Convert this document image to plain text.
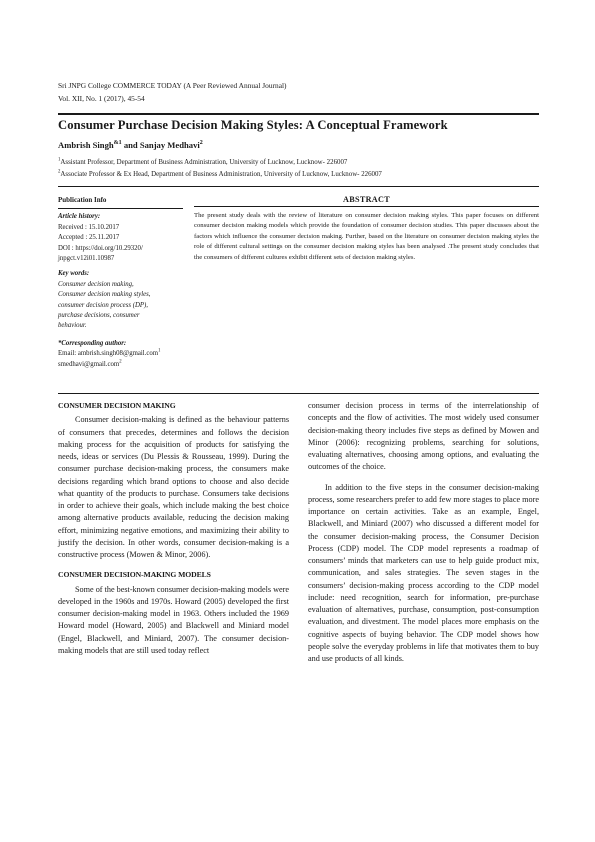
Sri JNPG College COMMERCE TODAY (A Peer Reviewed Annual Journal)
Vol. XII, No. 1 (2017), 45-54
Consumer Purchase Decision Making Styles: A Conceptual Framework
Ambrish Singh$^{\&1}$ and Sanjay Medhavi$^2$
$^1$Assistant Professor, Department of Business Administration, University of Lucknow, Lucknow- 226007
$^2$Associate Professor & Ex Head, Department of Business Administration, University of Lucknow, Lucknow- 226007
Publication Info
Article history:
Received : 15.10.2017
Accepted : 25.11.2017
DOI : https://doi.org/10.29320/
jnpgct.v12i01.10987
Key words:
Consumer decision making,
Consumer decision making styles,
consumer decision process (DP),
purchase decisions, consumer
behaviour.
*Corresponding author:
Email: ambrish.singh08@gmail.com$^1$
smedhavi@gmail.com$^2$
ABSTRACT
The present study deals with the review of literature on consumer decision making styles. This paper focuses on different consumer decision making models which provide the foundation of consumer decision studies. This paper discusses about the factors which influence the consumer decision making. Further, based on the literature on consumer decision making styles the role of different cultural settings on the consumer decision making styles has been analysed .The present study concludes that the consumers of different cultures exhibit different sets of decision making styles.
CONSUMER DECISION MAKING

Consumer decision-making is defined as the behaviour patterns of consumers that precedes, determines and follows the decision making process for the acquisition of products for satisfying the needs, ideas or services (Du Plessis & Rousseau, 1999). During the consumer purchase decision-making process, the consumers make decisions regarding which brand options to choose and also decide what quantity of the products to purchase. Consumers take decisions in order to achieve their goals, which include making the best choice among alternative products available, reducing the decision making effort, minimizing negative emotions, and maximizing their ability to justify the decision. In other words, consumer decision-making is a constructive process (Mowen & Minor, 2006).

CONSUMER DECISION-MAKING MODELS

Some of the best-known consumer decision-making models were developed in the 1960s and 1970s. Howard (2005) developed the first consumer decision-making model in 1963. Others included the 1969 Howard model (Howard, 2005) and Blackwell and Miniard model (Engel, Blackwell, and Miniard, 2007). The consumer decision-making models that are still used today reflect

consumer decision process in terms of the interrelationship of concepts and the flow of activities. The most widely used consumer decision-making theory includes five steps as defined by Mowen and Minor (2006): recognizing problems, searching for solutions, evaluating alternatives, choosing among options, and evaluating the outcomes of the choice.

In addition to the five steps in the consumer decision-making process, some researchers prefer to add few more stages to place more importance on certain activities. Take as an example, Engel, Blackwell, and Miniard (2007) who discussed a different model for the consumer decision-making process, the Consumer Decision Process (CDP) model. The CDP model represents a roadmap of consumers’ minds that marketers can use to help guide product mix, communication, and sales strategies. The seven stages in the consumers’ decision-making process according to the CDP model include: need recognition, search for information, pre-purchase evaluation of alternatives, purchase, consumption, post-consumption evaluation, and divestment. The model places more emphasis on the cognitive aspects of buying behavior. The CDP model shows how people solve the everyday problems in life that motivates them to buy and use products of all kinds.
